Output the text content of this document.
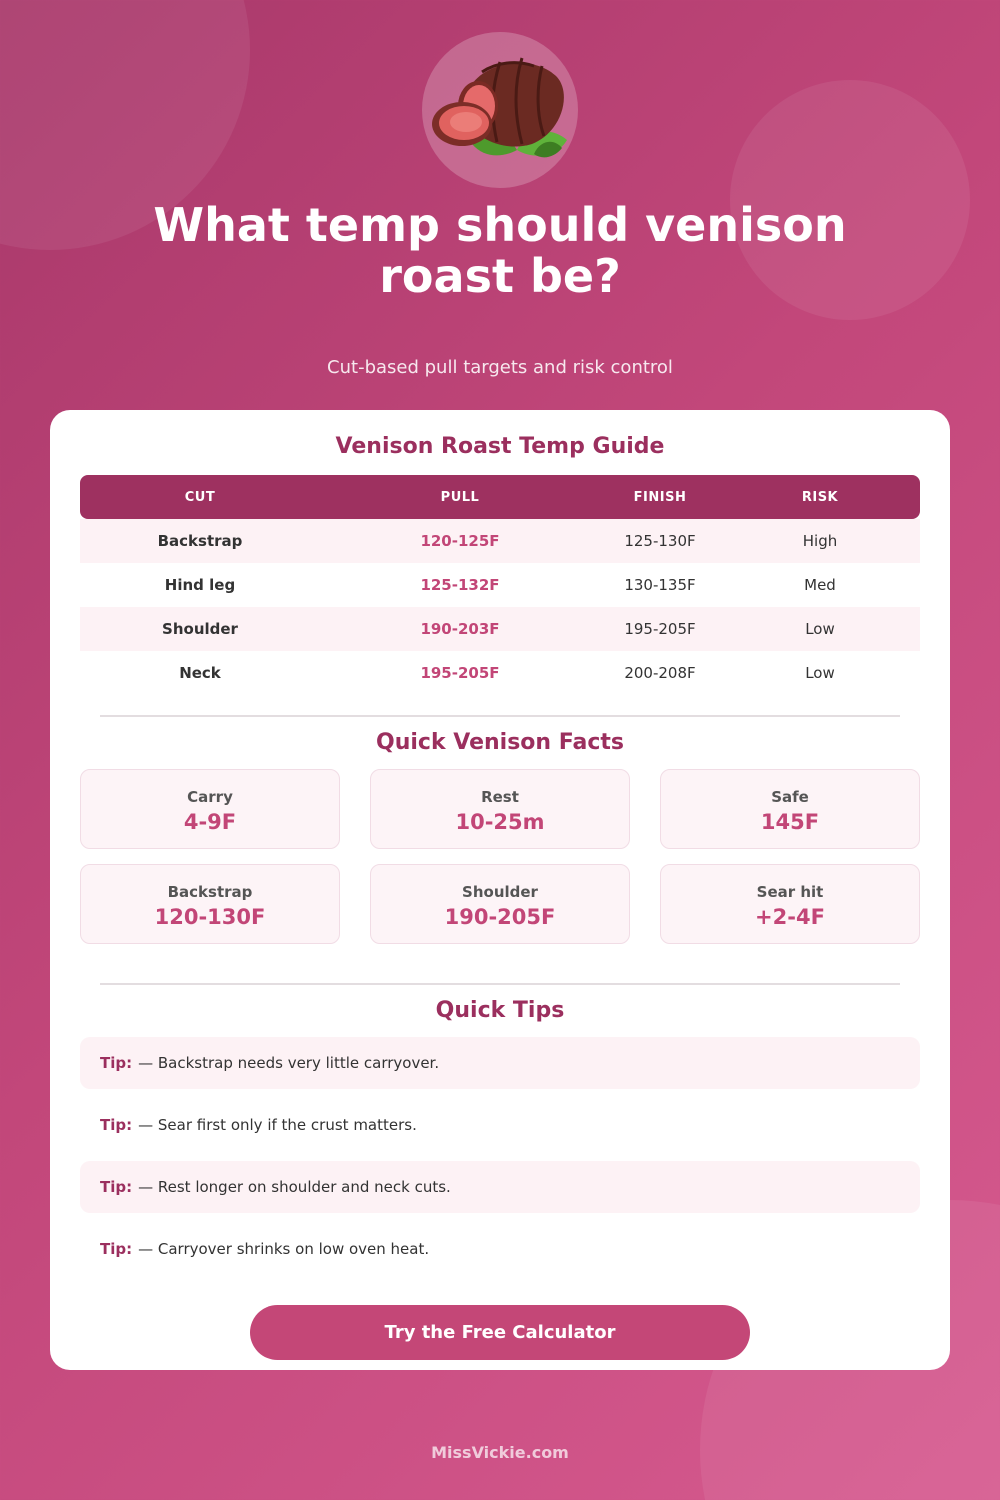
What temp should venison roast be?

Cut-based pull targets and risk control

Venison Roast Temp Guide
CUT	PULL	FINISH	RISK
Backstrap	120-125F	125-130F	High
Hind leg	125-132F	130-135F	Med
Shoulder	190-203F	195-205F	Low
Neck	195-205F	200-208F	Low
Quick Venison Facts
Carry
4-9F
Rest
10-25m
Safe
145F
Backstrap
120-130F
Shoulder
190-205F
Sear hit
+2-4F
Quick Tips
Tip: — Backstrap needs very little carryover.
Tip: — Sear first only if the crust matters.
Tip: — Rest longer on shoulder and neck cuts.
Tip: — Carryover shrinks on low oven heat.
Try the Free Calculator
MissVickie.com
